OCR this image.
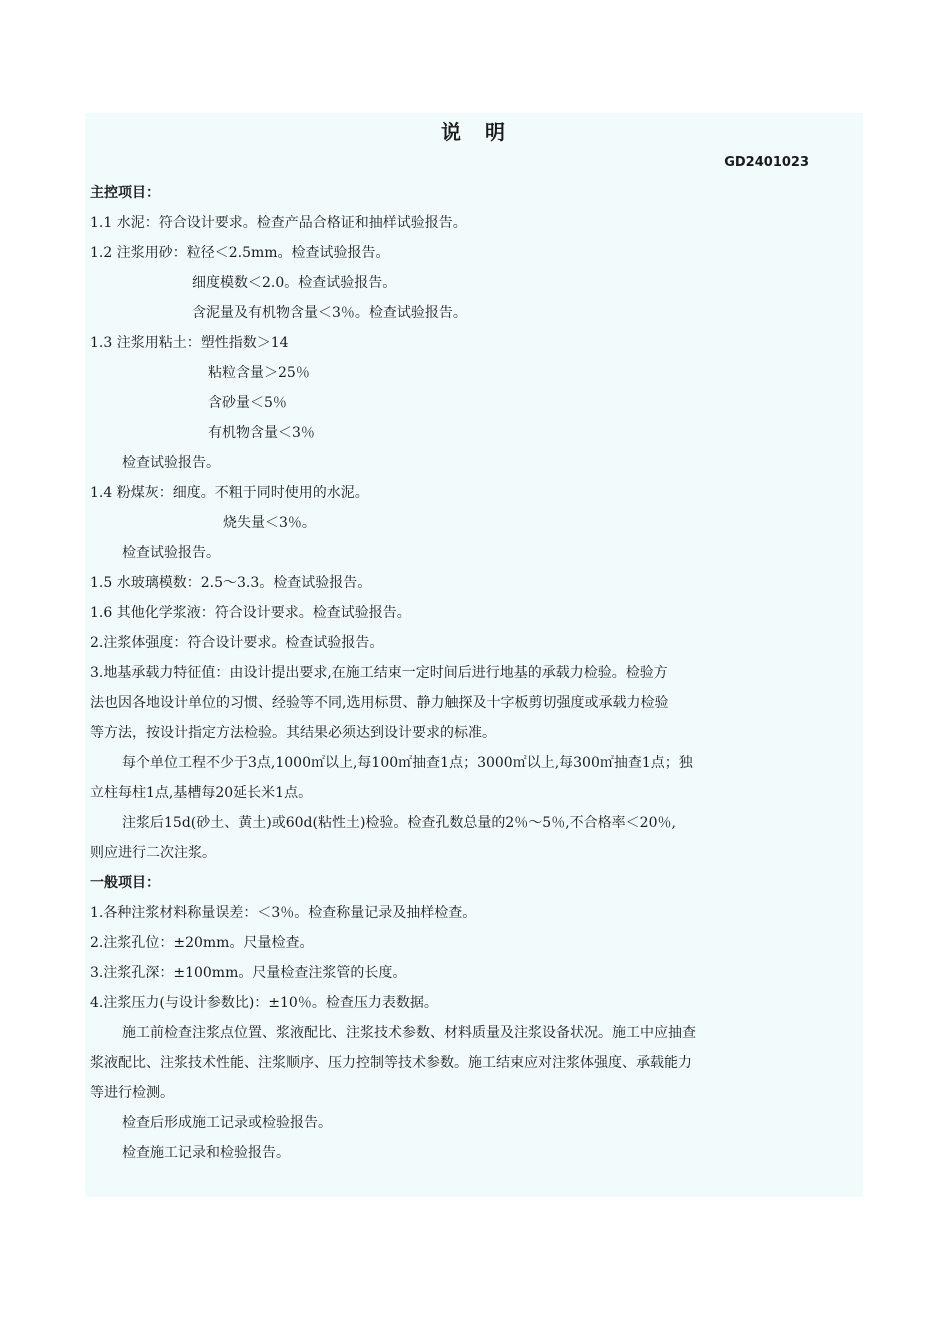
说　明
GD2401023
主控项目：
1.1 水泥：符合设计要求。检查产品合格证和抽样试验报告。
1.2 注浆用砂：粒径＜2.5mm。检查试验报告。
细度模数＜2.0。检查试验报告。
含泥量及有机物含量＜3％。检查试验报告。
1.3 注浆用粘土：塑性指数＞14
粘粒含量＞25％
含砂量＜5％
有机物含量＜3％
检查试验报告。
1.4 粉煤灰：细度。不粗于同时使用的水泥。
烧失量＜3％。
检查试验报告。
1.5 水玻璃模数：2.5～3.3。检查试验报告。
1.6 其他化学浆液：符合设计要求。检查试验报告。
2.注浆体强度：符合设计要求。检查试验报告。
3.地基承载力特征值：由设计提出要求,在施工结束一定时间后进行地基的承载力检验。检验方
法也因各地设计单位的习惯、经验等不同,选用标贯、静力触探及十字板剪切强度或承载力检验
等方法，按设计指定方法检验。其结果必须达到设计要求的标准。
每个单位工程不少于3点,1000㎡以上,每100㎡抽查1点；3000㎡以上,每300㎡抽查1点；独
立柱每柱1点,基槽每20延长米1点。
注浆后15d(砂土、黄土)或60d(粘性土)检验。检查孔数总量的2％～5％,不合格率＜20％,
则应进行二次注浆。
一般项目：
1.各种注浆材料称量误差：＜3％。检查称量记录及抽样检查。
2.注浆孔位：±20mm。尺量检查。
3.注浆孔深：±100mm。尺量检查注浆管的长度。
4.注浆压力(与设计参数比)：±10％。检查压力表数据。
施工前检查注浆点位置、浆液配比、注浆技术参数、材料质量及注浆设备状况。施工中应抽查
浆液配比、注浆技术性能、注浆顺序、压力控制等技术参数。施工结束应对注浆体强度、承载能力
等进行检测。
检查后形成施工记录或检验报告。
检查施工记录和检验报告。
